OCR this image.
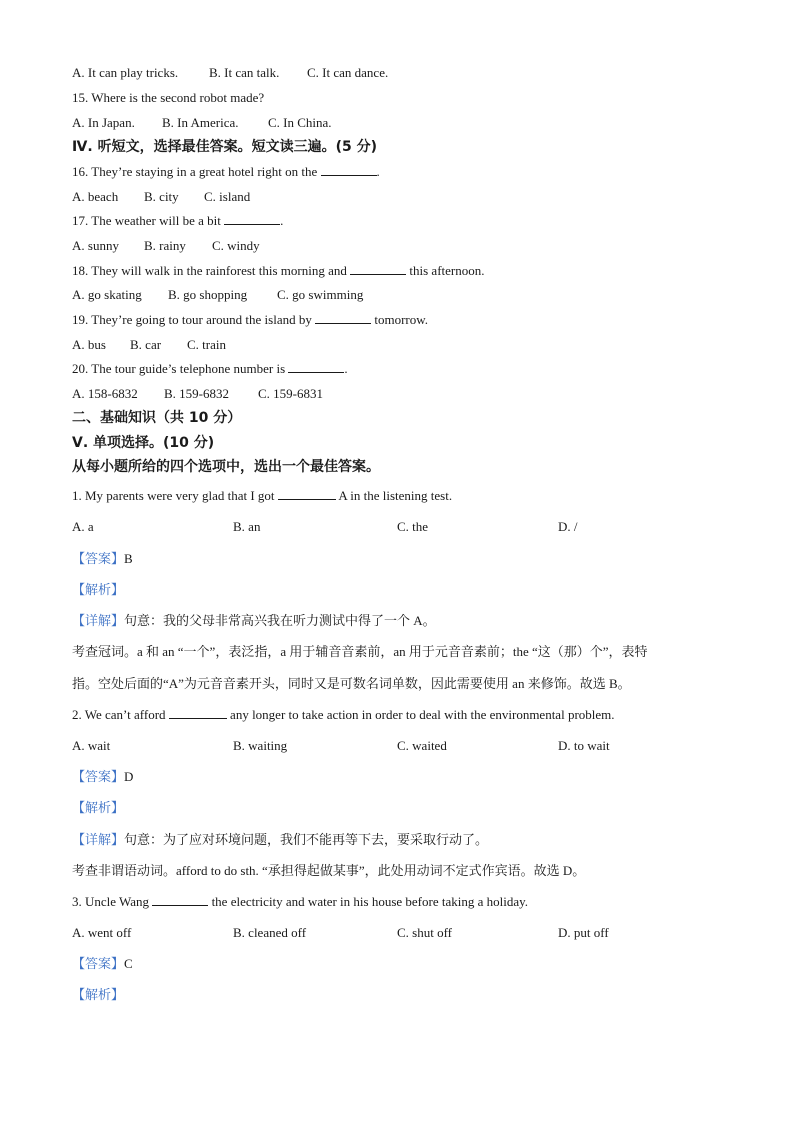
A. It can play tricks. B. It can talk. C. It can dance.
15. Where is the second robot made?
A. In Japan. B. In America. C. In China.
Ⅳ. 听短文，选择最佳答案。短文读三遍。(5 分)
16. They’re staying in a great hotel right on the	.
A. beach B. city C. island
17. The weather will be a bit	.
A. sunny B. rainy C. windy
18. They will walk in the rainforest this morning and	this afternoon.
A. go skating B. go shopping C. go swimming
19. They’re going to tour around the island by	tomorrow.
A. bus B. car C. train
20. The tour guide’s telephone number is	.
A. 158-6832 B. 159-6832 C. 159-6831
二、基础知识（共 10 分）
Ⅴ. 单项选择。(10 分)
从每小题所给的四个选项中，选出一个最佳答案。
1. My parents were very glad that I got	A in the listening test.
A. a	B. an	C. the	D. /
【答案】B
【解析】
【详解】句意：我的父母非常高兴我在听力测试中得了一个 A。
考查冠词。a 和 an “一个”，表泛指，a 用于辅音音素前，an 用于元音音素前；the “这（那）个”，表特
指。空处后面的“A”为元音音素开头，同时又是可数名词单数，因此需要使用 an 来修饰。故选 B。
2. We can’t afford	any longer to take action in order to deal with the environmental problem.
A. wait	B. waiting	C. waited	D. to wait
【答案】D
【解析】
【详解】句意：为了应对环境问题，我们不能再等下去，要采取行动了。
考查非谓语动词。afford to do sth. “承担得起做某事”，此处用动词不定式作宾语。故选 D。
3. Uncle Wang	the electricity and water in his house before taking a holiday.
A. went off	B. cleaned off	C. shut off	D. put off
【答案】C
【解析】
